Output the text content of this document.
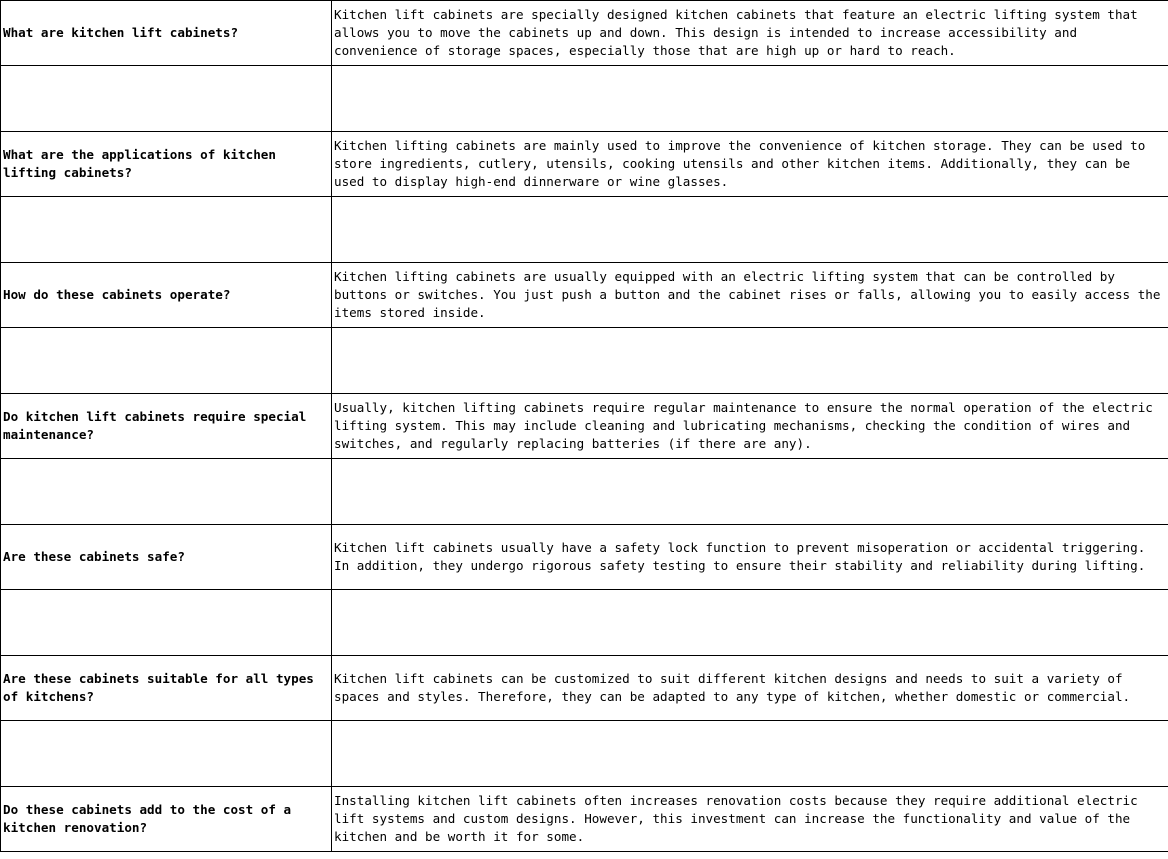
What are kitchen lift cabinets?	Kitchen lift cabinets are specially designed kitchen cabinets that feature an electric lifting system that allows you to move the cabinets up and down. This design is intended to increase accessibility and convenience of storage spaces, especially those that are high up or hard to reach.

What are the applications of kitchen lifting cabinets?	Kitchen lifting cabinets are mainly used to improve the convenience of kitchen storage. They can be used to store ingredients, cutlery, utensils, cooking utensils and other kitchen items. Additionally, they can be used to display high-end dinnerware or wine glasses.

How do these cabinets operate?	Kitchen lifting cabinets are usually equipped with an electric lifting system that can be controlled by buttons or switches. You just push a button and the cabinet rises or falls, allowing you to easily access the items stored inside.

Do kitchen lift cabinets require special maintenance?	Usually, kitchen lifting cabinets require regular maintenance to ensure the normal operation of the electric lifting system. This may include cleaning and lubricating mechanisms, checking the condition of wires and switches, and regularly replacing batteries (if there are any).

Are these cabinets safe?	Kitchen lift cabinets usually have a safety lock function to prevent misoperation or accidental triggering. In addition, they undergo rigorous safety testing to ensure their stability and reliability during lifting.

Are these cabinets suitable for all types of kitchens?	Kitchen lift cabinets can be customized to suit different kitchen designs and needs to suit a variety of spaces and styles. Therefore, they can be adapted to any type of kitchen, whether domestic or commercial.

Do these cabinets add to the cost of a kitchen renovation?	Installing kitchen lift cabinets often increases renovation costs because they require additional electric lift systems and custom designs. However, this investment can increase the functionality and value of the kitchen and be worth it for some.
